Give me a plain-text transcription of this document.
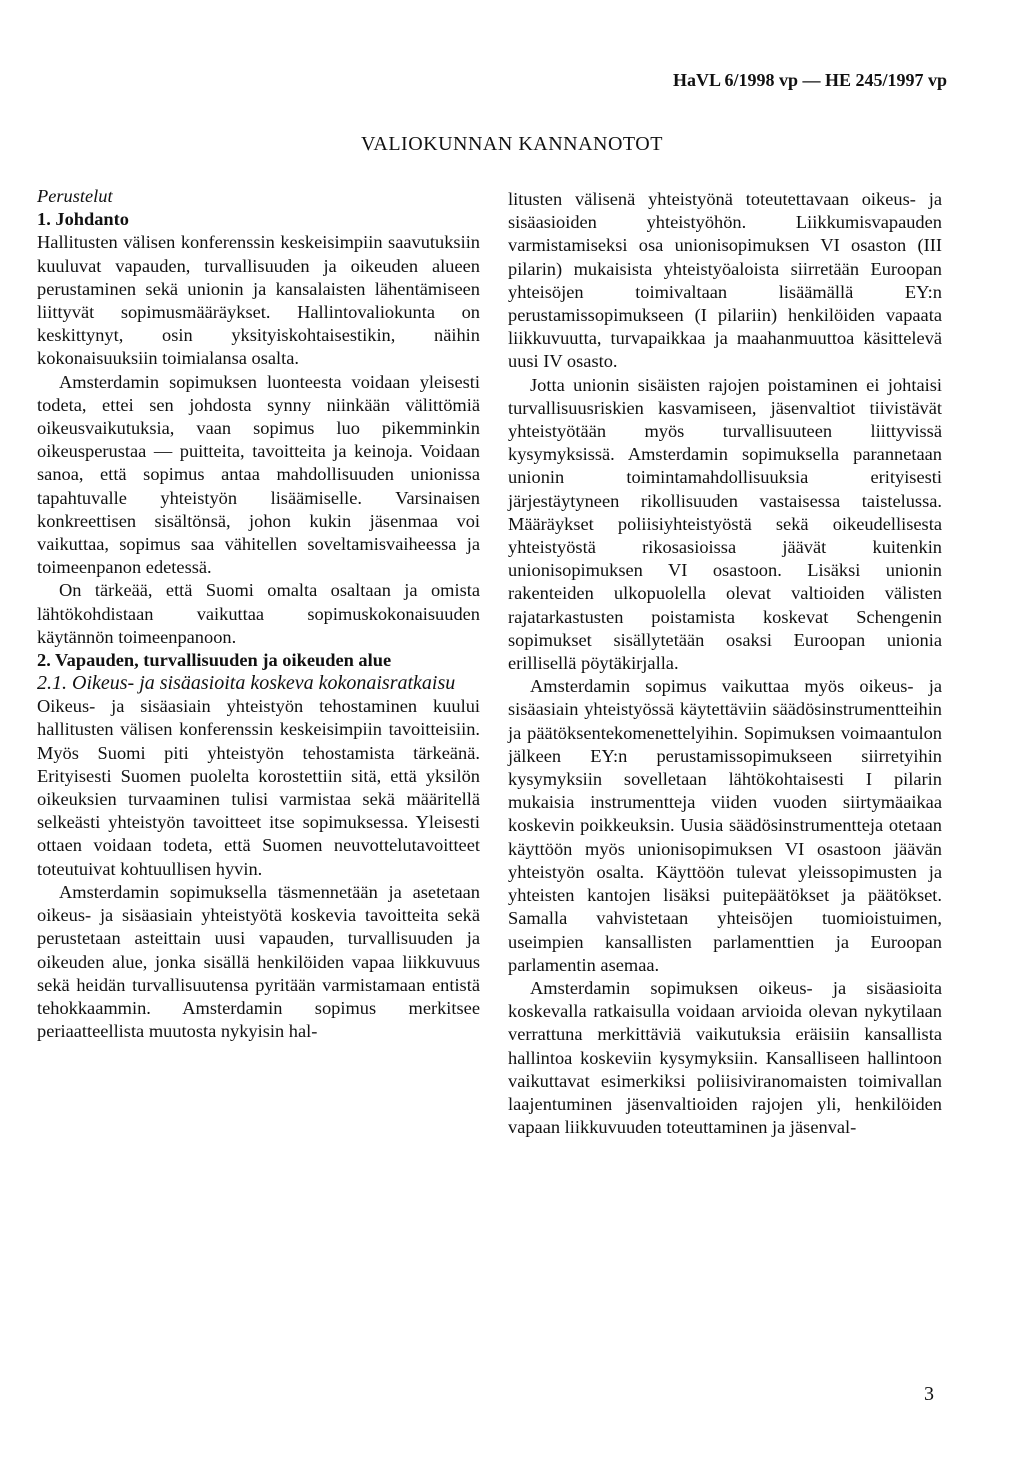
HaVL 6/1998 vp — HE 245/1997 vp
VALIOKUNNAN KANNANOTOT

Perustelut

1. Johdanto

Hallitusten välisen konferenssin keskeisimpiin saavutuksiin kuuluvat vapauden, turvallisuuden ja oikeuden alueen perustaminen sekä unionin ja kansalaisten lähentämiseen liittyvät sopimusmääräykset. Hallintovaliokunta on keskittynyt, osin yksityiskohtaisestikin, näihin kokonaisuuksiin toimialansa osalta.

Amsterdamin sopimuksen luonteesta voidaan yleisesti todeta, ettei sen johdosta synny niinkään välittömiä oikeusvaikutuksia, vaan sopimus luo pikemminkin oikeusperustaa — puitteita, tavoitteita ja keinoja. Voidaan sanoa, että sopimus antaa mahdollisuuden unionissa tapahtuvalle yhteistyön lisäämiselle. Varsinaisen konkreettisen sisältönsä, johon kukin jäsenmaa voi vaikuttaa, sopimus saa vähitellen soveltamisvaiheessa ja toimeenpanon edetessä.

On tärkeää, että Suomi omalta osaltaan ja omista lähtökohdistaan vaikuttaa sopimuskokonaisuuden käytännön toimeenpanoon.

2. Vapauden, turvallisuuden ja oikeuden alue

2.1. Oikeus- ja sisäasioita koskeva kokonaisratkaisu

Oikeus- ja sisäasiain yhteistyön tehostaminen kuului hallitusten välisen konferenssin keskeisimpiin tavoitteisiin. Myös Suomi piti yhteistyön tehostamista tärkeänä. Erityisesti Suomen puolelta korostettiin sitä, että yksilön oikeuksien turvaaminen tulisi varmistaa sekä määritellä selkeästi yhteistyön tavoitteet itse sopimuksessa. Yleisesti ottaen voidaan todeta, että Suomen neuvottelutavoitteet toteutuivat kohtuullisen hyvin.

Amsterdamin sopimuksella täsmennetään ja asetetaan oikeus- ja sisäasiain yhteistyötä koskevia tavoitteita sekä perustetaan asteittain uusi vapauden, turvallisuuden ja oikeuden alue, jonka sisällä henkilöiden vapaa liikkuvuus sekä heidän turvallisuutensa pyritään varmistamaan entistä tehokkaammin. Amsterdamin sopimus merkitsee periaatteellista muutosta nykyisin hal-

litusten välisenä yhteistyönä toteutettavaan oikeus- ja sisäasioiden yhteistyöhön. Liikkumisvapauden varmistamiseksi osa unionisopimuksen VI osaston (III pilarin) mukaisista yhteistyöaloista siirretään Euroopan yhteisöjen toimivaltaan lisäämällä EY:n perustamissopimukseen (I pilariin) henkilöiden vapaata liikkuvuutta, turvapaikkaa ja maahanmuuttoa käsittelevä uusi IV osasto.

Jotta unionin sisäisten rajojen poistaminen ei johtaisi turvallisuusriskien kasvamiseen, jäsenvaltiot tiivistävät yhteistyötään myös turvallisuuteen liittyvissä kysymyksissä. Amsterdamin sopimuksella parannetaan unionin toimintamahdollisuuksia erityisesti järjestäytyneen rikollisuuden vastaisessa taistelussa. Määräykset poliisiyhteistyöstä sekä oikeudellisesta yhteistyöstä rikosasioissa jäävät kuitenkin unionisopimuksen VI osastoon. Lisäksi unionin rakenteiden ulkopuolella olevat valtioiden välisten rajatarkastusten poistamista koskevat Schengenin sopimukset sisällytetään osaksi Euroopan unionia erillisellä pöytäkirjalla.

Amsterdamin sopimus vaikuttaa myös oikeus- ja sisäasiain yhteistyössä käytettäviin säädösinstrumentteihin ja päätöksentekomenettelyihin. Sopimuksen voimaantulon jälkeen EY:n perustamissopimukseen siirretyihin kysymyksiin sovelletaan lähtökohtaisesti I pilarin mukaisia instrumentteja viiden vuoden siirtymäaikaa koskevin poikkeuksin. Uusia säädösinstrumentteja otetaan käyttöön myös unionisopimuksen VI osastoon jäävän yhteistyön osalta. Käyttöön tulevat yleissopimusten ja yhteisten kantojen lisäksi puitepäätökset ja päätökset. Samalla vahvistetaan yhteisöjen tuomioistuimen, useimpien kansallisten parlamenttien ja Euroopan parlamentin asemaa.

Amsterdamin sopimuksen oikeus- ja sisäasioita koskevalla ratkaisulla voidaan arvioida olevan nykytilaan verrattuna merkittäviä vaikutuksia eräisiin kansallista hallintoa koskeviin kysymyksiin. Kansalliseen hallintoon vaikuttavat esimerkiksi poliisiviranomaisten toimivallan laajentuminen jäsenvaltioiden rajojen yli, henkilöiden vapaan liikkuvuuden toteuttaminen ja jäsenval-

3
